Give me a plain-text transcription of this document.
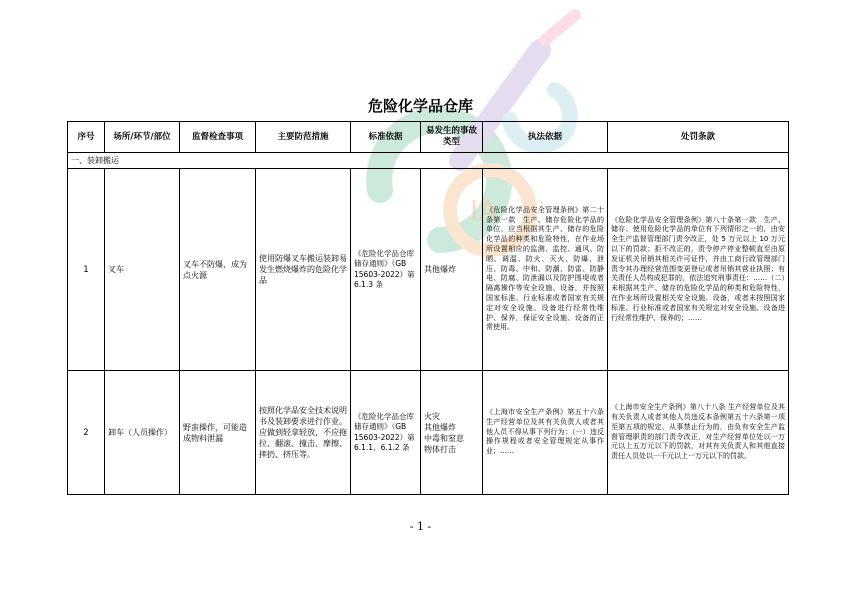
IA
危险化学品仓库
序号	场所/环节/部位	监督检查事项	主要防范措施	标准依据	易发生的事故类型	执法依据	处罚条款
一、装卸搬运							
1	叉车	叉车不防爆，成为点火源	使用防爆叉车搬运装卸易发生燃烧爆炸的危险化学品	《危险化学品仓库储存通则》（GB 15603-2022）第 6.1.3 条	其他爆炸	《危险化学品安全管理条例》第二十条第一款　生产、储存危险化学品的单位，应当根据其生产、储存的危险化学品的种类和危险特性，在作业场所设置相应的监测、监控、通风、防晒、调温、防火、灭火、防爆、泄压、防毒、中和、防潮、防雷、防静电、防腐、防泄漏以及防护围堤或者隔离操作等安全设施、设备，并按照国家标准、行业标准或者国家有关规定对安全设施、设备进行经常性维护、保养，保证安全设施、设备的正常使用。	《危险化学品安全管理条例》第八十条第一款　生产、储存、使用危险化学品的单位有下列情形之一的，由安全生产监督管理部门责令改正，处 5 万元以上 10 万元以下的罚款；拒不改正的，责令停产停业整顿直至由原发证机关吊销其相关许可证件，并由工商行政管理部门责令其办理经营范围变更登记或者吊销其营业执照；有关责任人员构成犯罪的，依法追究刑事责任：……（二）未根据其生产、储存的危险化学品的种类和危险特性，在作业场所设置相关安全设施、设备，或者未按照国家标准、行业标准或者国家有关规定对安全设施、设备进行经常性维护、保养的；……
2	卸车（人员操作）	野蛮操作，可能造成物料泄漏	按照化学品安全技术说明书及装卸要求进行作业。应做到轻拿轻放，不应拖拉、翻滚、撞击、摩擦、摔扔、挤压等。	《危险化学品仓库储存通则》（GB 15603-2022）第 6.1.1、6.1.2 条	火灾
其他爆炸
中毒和窒息
物体打击	《上海市安全生产条例》第五十六条　生产经营单位及其有关负责人或者其他人员不得从事下列行为：（一）违反操作规程或者安全管理规定从事作业；……	《上海市安全生产条例》第八十八条 生产经营单位及其有关负责人或者其他人员违反本条例第五十六条第一项至第五项的规定，从事禁止行为的，由负有安全生产监督管理职责的部门责令改正，对生产经营单位处以一万元以上五万元以下的罚款，对其有关负责人和其他直接责任人员处以一千元以上一万元以下的罚款。
- 1 -
